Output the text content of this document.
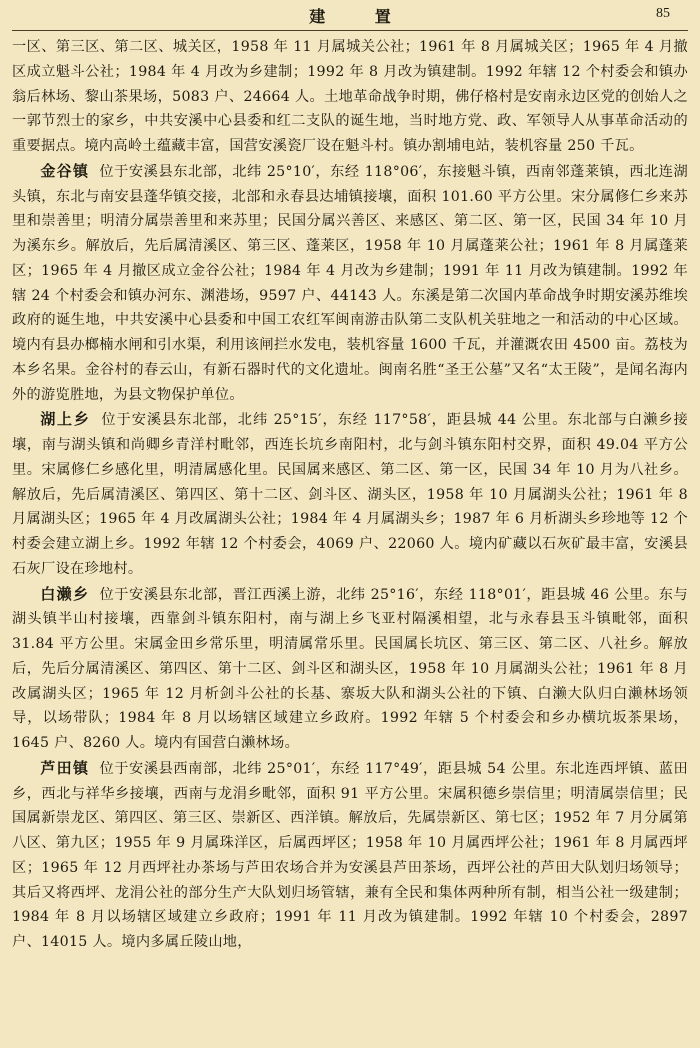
建 置	85

一区、第三区、第二区、城关区，1958 年 11 月属城关公社；1961 年 8 月属城关区；1965 年 4 月撤区成立魁斗公社；1984 年 4 月改为乡建制；1992 年 8 月改为镇建制。1992 年辖 12 个村委会和镇办翁后林场、黎山茶果场，5083 户、24664 人。土地革命战争时期，佛仔格村是安南永边区党的创始人之一郭节烈士的家乡，中共安溪中心县委和红二支队的诞生地，当时地方党、政、军领导人从事革命活动的重要据点。境内高岭土蕴藏丰富，国营安溪瓷厂设在魁斗村。镇办割埔电站，装机容量 250 千瓦。

金谷镇 位于安溪县东北部，北纬 25°10′，东经 118°06′，东接魁斗镇，西南邻蓬莱镇，西北连湖头镇，东北与南安县蓬华镇交接，北部和永春县达埔镇接壤，面积 101.60 平方公里。宋分属修仁乡来苏里和崇善里；明清分属崇善里和来苏里；民国分属兴善区、来感区、第二区、第一区，民国 34 年 10 月为溪东乡。解放后，先后属清溪区、第三区、蓬莱区，1958 年 10 月属蓬莱公社；1961 年 8 月属蓬莱区；1965 年 4 月撤区成立金谷公社；1984 年 4 月改为乡建制；1991 年 11 月改为镇建制。1992 年辖 24 个村委会和镇办河东、渊港场，9597 户、44143 人。东溪是第二次国内革命战争时期安溪苏维埃政府的诞生地，中共安溪中心县委和中国工农红军闽南游击队第二支队机关驻地之一和活动的中心区域。境内有县办榔楠水闸和引水渠，利用该闸拦水发电，装机容量 1600 千瓦，并灌溉农田 4500 亩。荔枝为本乡名果。金谷村的春云山，有新石器时代的文化遗址。闽南名胜“圣王公墓”又名“太王陵”，是闻名海内外的游览胜地，为县文物保护单位。

湖上乡 位于安溪县东北部，北纬 25°15′，东经 117°58′，距县城 44 公里。东北部与白濑乡接壤，南与湖头镇和尚卿乡青洋村毗邻，西连长坑乡南阳村，北与剑斗镇东阳村交界，面积 49.04 平方公里。宋属修仁乡感化里，明清属感化里。民国属来感区、第二区、第一区，民国 34 年 10 月为八社乡。解放后，先后属清溪区、第四区、第十二区、剑斗区、湖头区，1958 年 10 月属湖头公社；1961 年 8 月属湖头区；1965 年 4 月改属湖头公社；1984 年 4 月属湖头乡；1987 年 6 月析湖头乡珍地等 12 个村委会建立湖上乡。1992 年辖 12 个村委会，4069 户、22060 人。境内矿藏以石灰矿最丰富，安溪县石灰厂设在珍地村。

白濑乡 位于安溪县东北部，晋江西溪上游，北纬 25°16′，东经 118°01′，距县城 46 公里。东与湖头镇半山村接壤，西靠剑斗镇东阳村，南与湖上乡飞亚村隔溪相望，北与永春县玉斗镇毗邻，面积 31.84 平方公里。宋属金田乡常乐里，明清属常乐里。民国属长坑区、第三区、第二区、八社乡。解放后，先后分属清溪区、第四区、第十二区、剑斗区和湖头区，1958 年 10 月属湖头公社；1961 年 8 月改属湖头区；1965 年 12 月析剑斗公社的长基、寨坂大队和湖头公社的下镇、白濑大队归白濑林场领导，以场带队；1984 年 8 月以场辖区域建立乡政府。1992 年辖 5 个村委会和乡办横坑坂茶果场，1645 户、8260 人。境内有国营白濑林场。

芦田镇 位于安溪县西南部，北纬 25°01′，东经 117°49′，距县城 54 公里。东北连西坪镇、蓝田乡，西北与祥华乡接壤，西南与龙涓乡毗邻，面积 91 平方公里。宋属积德乡崇信里；明清属崇信里；民国属新崇龙区、第四区、第三区、崇新区、西洋镇。解放后，先属崇新区、第七区；1952 年 7 月分属第八区、第九区；1955 年 9 月属珠洋区，后属西坪区；1958 年 10 月属西坪公社；1961 年 8 月属西坪区；1965 年 12 月西坪社办茶场与芦田农场合并为安溪县芦田茶场，西坪公社的芦田大队划归场领导；其后又将西坪、龙涓公社的部分生产大队划归场管辖，兼有全民和集体两种所有制，相当公社一级建制；1984 年 8 月以场辖区域建立乡政府；1991 年 11 月改为镇建制。1992 年辖 10 个村委会，2897 户、14015 人。境内多属丘陵山地，
